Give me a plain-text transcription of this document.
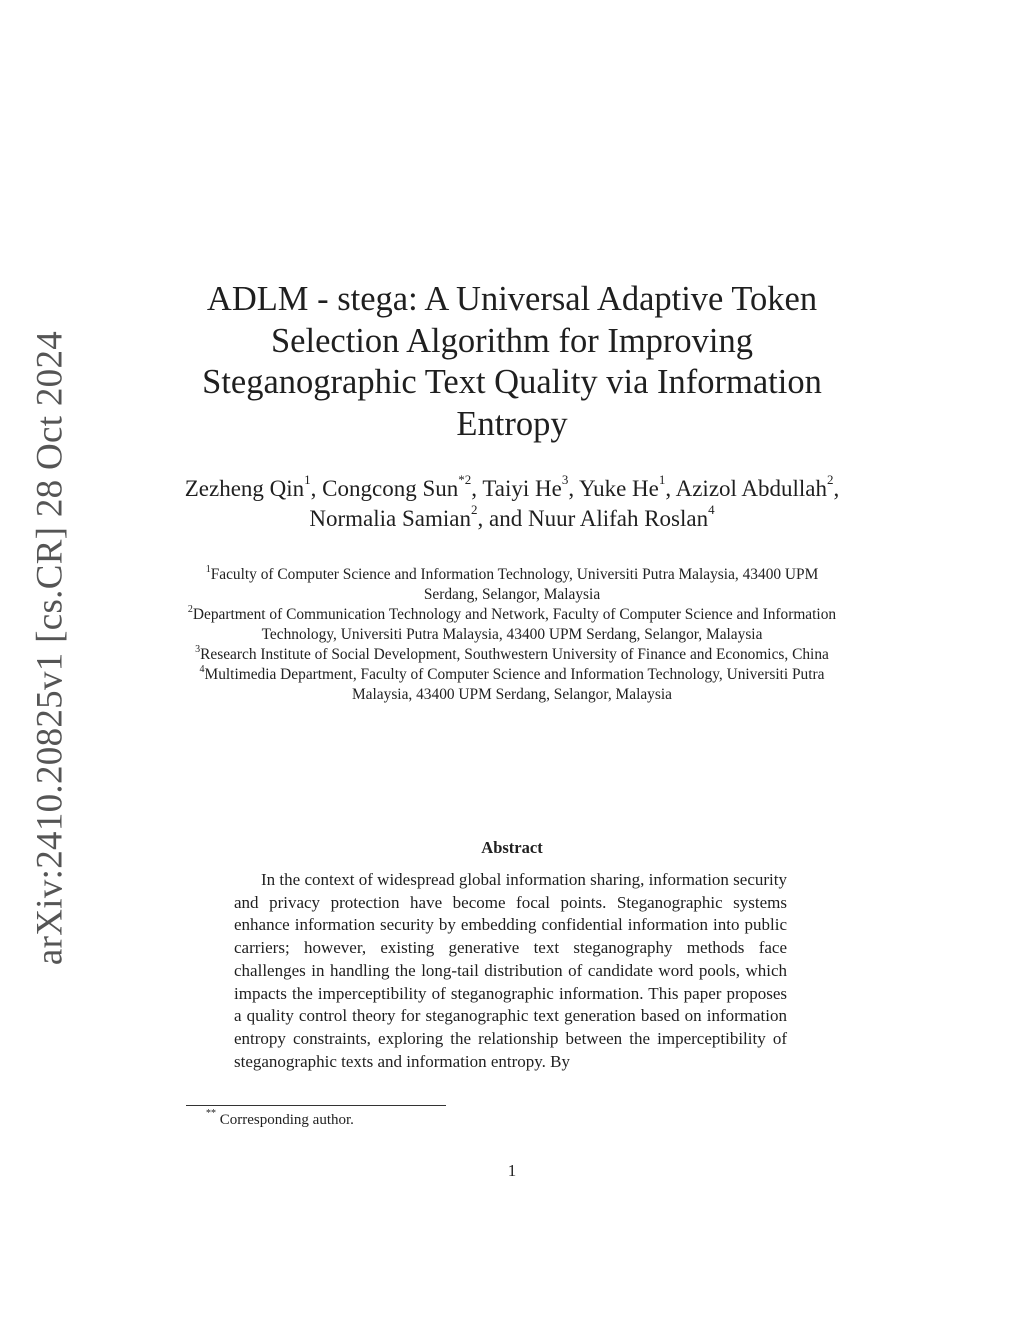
arXiv:2410.20825v1 [cs.CR] 28 Oct 2024
ADLM - stega: A Universal Adaptive Token Selection Algorithm for Improving Steganographic Text Quality via Information Entropy
Zezheng Qin$^1$, Congcong Sun$^{*2}$, Taiyi He$^3$, Yuke He$^1$, Azizol Abdullah$^2$, Normalia Samian$^2$, and Nuur Alifah Roslan$^4$

$^1$Faculty of Computer Science and Information Technology, Universiti Putra Malaysia, 43400 UPM Serdang, Selangor, Malaysia

$^2$Department of Communication Technology and Network, Faculty of Computer Science and Information Technology, Universiti Putra Malaysia, 43400 UPM Serdang, Selangor, Malaysia

$^3$Research Institute of Social Development, Southwestern University of Finance and Economics, China

$^4$Multimedia Department, Faculty of Computer Science and Information Technology, Universiti Putra Malaysia, 43400 UPM Serdang, Selangor, Malaysia

Abstract
In the context of widespread global information sharing, information security and privacy protection have become focal points. Steganographic systems enhance information security by embedding confidential information into public carriers; however, existing generative text steganography methods face challenges in handling the long-tail distribution of candidate word pools, which impacts the imperceptibility of steganographic information. This paper proposes a quality control theory for steganographic text generation based on information entropy constraints, exploring the relationship between the imperceptibility of steganographic texts and information entropy. By
** Corresponding author.
1
